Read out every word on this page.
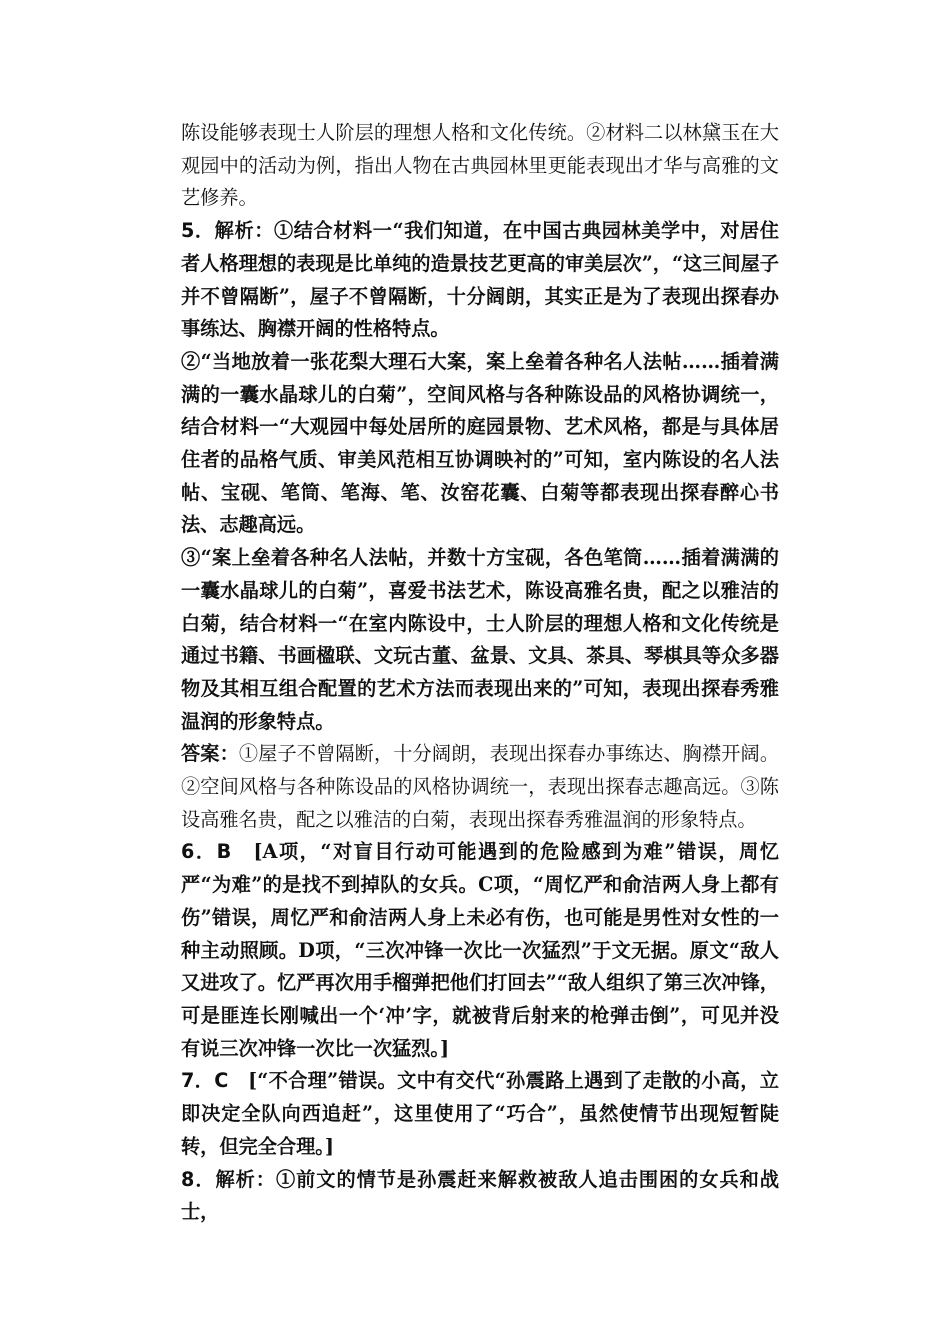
陈设能够表现士人阶层的理想人格和文化传统。②材料二以林黛玉在大观园中的活动为例，指出人物在古典园林里更能表现出才华与高雅的文艺修养。

5．解析：①结合材料一“我们知道，在中国古典园林美学中，对居住者人格理想的表现是比单纯的造景技艺更高的审美层次”，“这三间屋子并不曾隔断”，屋子不曾隔断，十分阔朗，其实正是为了表现出探春办事练达、胸襟开阔的性格特点。

②“当地放着一张花梨大理石大案，案上垒着各种名人法帖……插着满满的一囊水晶球儿的白菊”，空间风格与各种陈设品的风格协调统一，结合材料一“大观园中每处居所的庭园景物、艺术风格，都是与具体居住者的品格气质、审美风范相互协调映衬的”可知，室内陈设的名人法帖、宝砚、笔筒、笔海、笔、汝窑花囊、白菊等都表现出探春醉心书法、志趣高远。

③“案上垒着各种名人法帖，并数十方宝砚，各色笔筒……插着满满的一囊水晶球儿的白菊”，喜爱书法艺术，陈设高雅名贵，配之以雅洁的白菊，结合材料一“在室内陈设中，士人阶层的理想人格和文化传统是通过书籍、书画楹联、文玩古董、盆景、文具、茶具、琴棋具等众多器物及其相互组合配置的艺术方法而表现出来的”可知，表现出探春秀雅温润的形象特点。

答案：①屋子不曾隔断，十分阔朗，表现出探春办事练达、胸襟开阔。②空间风格与各种陈设品的风格协调统一，表现出探春志趣高远。③陈设高雅名贵，配之以雅洁的白菊，表现出探春秀雅温润的形象特点。

6．B　[A项，“对盲目行动可能遇到的危险感到为难”错误，周忆严“为难”的是找不到掉队的女兵。C项，“周忆严和俞洁两人身上都有伤”错误，周忆严和俞洁两人身上未必有伤，也可能是男性对女性的一种主动照顾。D项，“三次冲锋一次比一次猛烈”于文无据。原文“敌人又进攻了。忆严再次用手榴弹把他们打回去”“敌人组织了第三次冲锋，可是匪连长刚喊出一个‘冲’字，就被背后射来的枪弹击倒”，可见并没有说三次冲锋一次比一次猛烈。]

7．C　[“不合理”错误。文中有交代“孙震路上遇到了走散的小高，立即决定全队向西追赶”，这里使用了“巧合”，虽然使情节出现短暂陡转，但完全合理。]

8．解析：①前文的情节是孙震赶来解救被敌人追击围困的女兵和战士，
